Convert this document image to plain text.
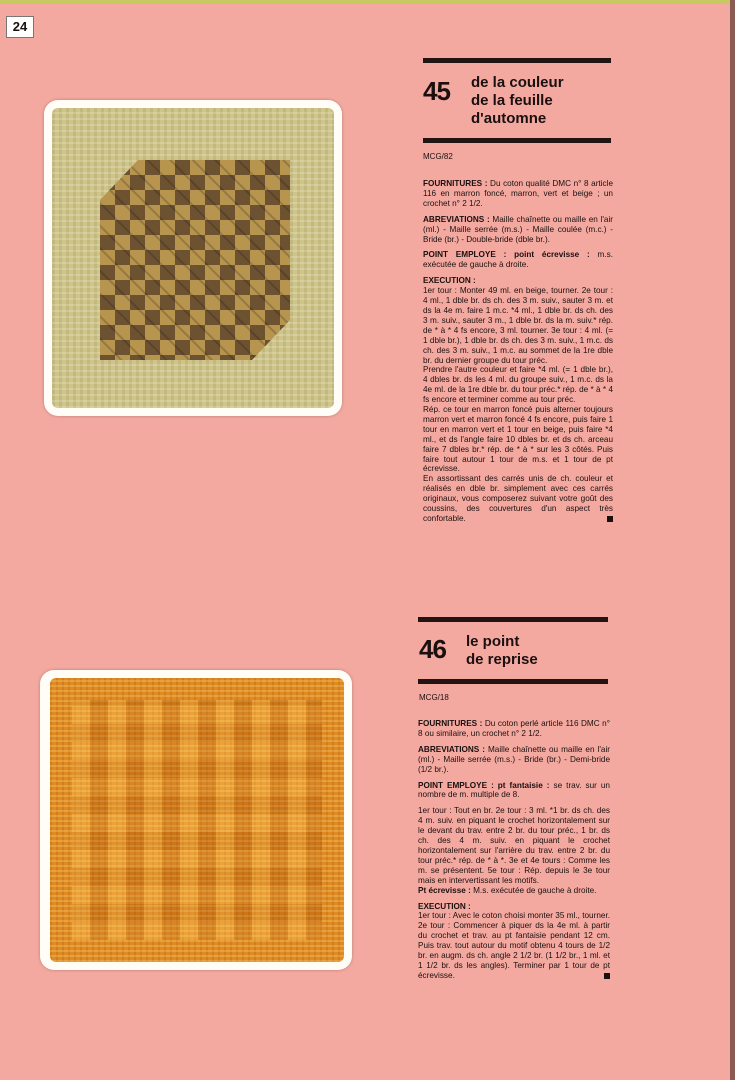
24
45 de la couleur
de la feuille
d'automne
MCG/82

FOURNITURES : Du coton qualité DMC n° 8 article 116 en marron foncé, marron, vert et beige ; un crochet n° 2 1/2.

ABREVIATIONS : Maille chaînette ou maille en l'air (ml.) - Maille serrée (m.s.) - Maille coulée (m.c.) - Bride (br.) - Double-bride (dble br.).

POINT EMPLOYE : point écrevisse : m.s. exécutée de gauche à droite.

EXECUTION :
1er tour : Monter 49 ml. en beige, tourner. 2e tour : 4 ml., 1 dble br. ds ch. des 3 m. suiv., sauter 3 m. et ds la 4e m. faire 1 m.c. *4 ml., 1 dble br. ds ch. des 3 m. suiv., sauter 3 m., 1 dble br. ds la m. suiv.* rép. de * à * 4 fs encore, 3 ml. tourner. 3e tour : 4 ml. (= 1 dble br.), 1 dble br. ds ch. des 3 m. suiv., 1 m.c. ds ch. des 3 m. suiv., 1 m.c. au sommet de la 1re dble br. du dernier groupe du tour préc.
Prendre l'autre couleur et faire *4 ml. (= 1 dble br.), 4 dbles br. ds les 4 ml. du groupe suiv., 1 m.c. ds la 4e ml. de la 1re dble br. du tour préc.* rép. de * à * 4 fs encore et terminer comme au tour préc.
Rép. ce tour en marron foncé puis alterner toujours marron vert et marron foncé 4 fs encore, puis faire 1 tour en marron vert et 1 tour en beige, puis faire *4 ml., et ds l'angle faire 10 dbles br. et ds ch. arceau faire 7 dbles br.* rép. de * à * sur les 3 côtés. Puis faire tout autour 1 tour de m.s. et 1 tour de pt écrevisse.
En assortissant des carrés unis de ch. couleur et réalisés en dble br. simplement avec ces carrés originaux, vous composerez suivant votre goût des coussins, des couvertures d'un aspect très confortable.
46 le point
de reprise
MCG/18

FOURNITURES : Du coton perlé article 116 DMC n° 8 ou similaire, un crochet n° 2 1/2.

ABREVIATIONS : Maille chaînette ou maille en l'air (ml.) - Maille serrée (m.s.) - Bride (br.) - Demi-bride (1/2 br.).

POINT EMPLOYE : pt fantaisie : se trav. sur un nombre de m. multiple de 8.

1er tour : Tout en br. 2e tour : 3 ml. *1 br. ds ch. des 4 m. suiv. en piquant le crochet horizontalement sur le devant du trav. entre 2 br. du tour préc., 1 br. ds ch. des 4 m. suiv. en piquant le crochet horizontalement sur l'arrière du trav. entre 2 br. du tour préc.* rép. de * à *. 3e et 4e tours : Comme les m. se présentent. 5e tour : Rép. depuis le 3e tour mais en intervertissant les motifs.

Pt écrevisse : M.s. exécutée de gauche à droite.

EXECUTION :
1er tour : Avec le coton choisi monter 35 ml., tourner. 2e tour : Commencer à piquer ds la 4e ml. à partir du crochet et trav. au pt fantaisie pendant 12 cm. Puis trav. tout autour du motif obtenu 4 tours de 1/2 br. en augm. ds ch. angle 2 1/2 br. (1 1/2 br., 1 ml. et 1 1/2 br. ds les angles). Terminer par 1 tour de pt écrevisse.
